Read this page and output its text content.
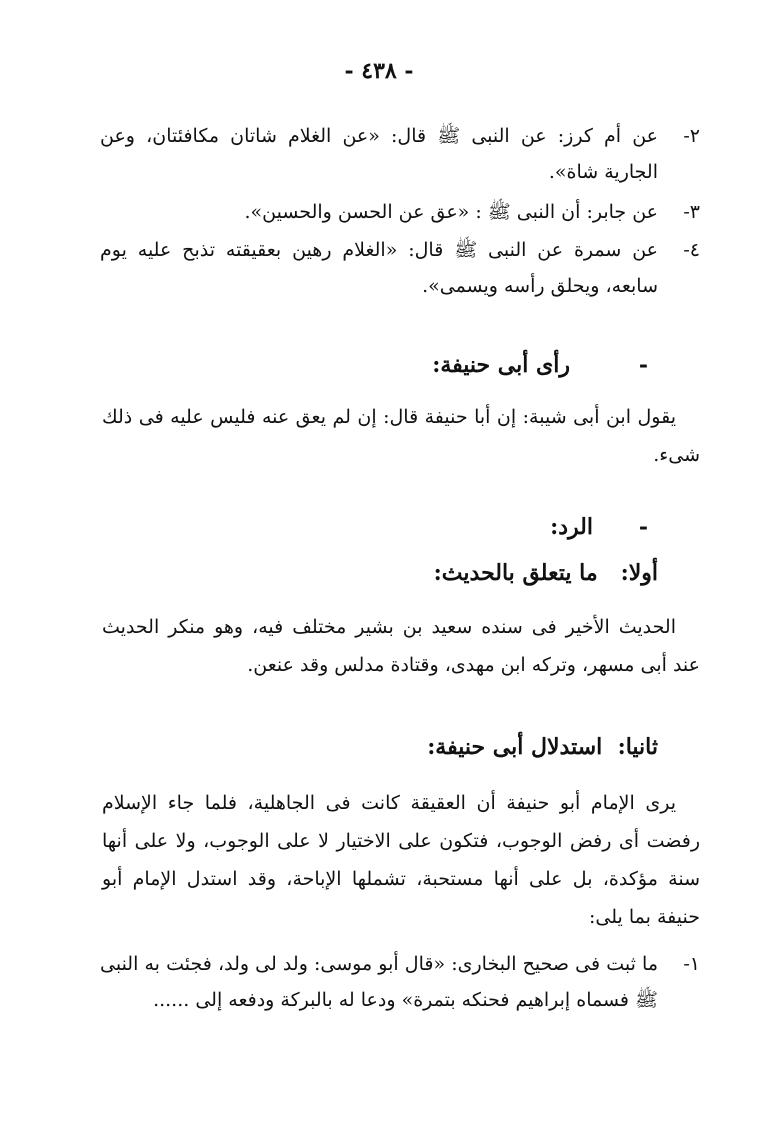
- ٤٣٨ -
٢-
عن أم كرز: عن النبى ﷺ قال: «عن الغلام شاتان مكافئتان، وعن الجارية شاة».
٣-
عن جابر: أن النبى ﷺ : «عق عن الحسن والحسين».
٤-
عن سمرة عن النبى ﷺ قال: «الغلام رهين بعقيقته تذبح عليه يوم سابعه، ويحلق رأسه ويسمى».
-
رأى أبى حنيفة:
يقول ابن أبى شيبة: إن أبا حنيفة قال: إن لم يعق عنه فليس عليه فى ذلك شىء.
-
الرد:
أولا:   ما يتعلق بالحديث:
الحديث الأخير فى سنده سعيد بن بشير مختلف فيه، وهو منكر الحديث عند أبى مسهر، وتركه ابن مهدى، وقتادة مدلس وقد عنعن.
ثانيا:  استدلال أبى حنيفة:
يرى الإمام أبو حنيفة أن العقيقة كانت فى الجاهلية، فلما جاء الإسلام رفضت أى رفض الوجوب، فتكون على الاختيار لا على الوجوب، ولا على أنها سنة مؤكدة، بل على أنها مستحبة، تشملها الإباحة، وقد استدل الإمام أبو حنيفة بما يلى:
١-
ما ثبت فى صحيح البخارى: «قال أبو موسى: ولد لى ولد، فجئت به النبى ﷺ فسماه إبراهيم فحنكه بتمرة» ودعا له بالبركة ودفعه إلى ......
